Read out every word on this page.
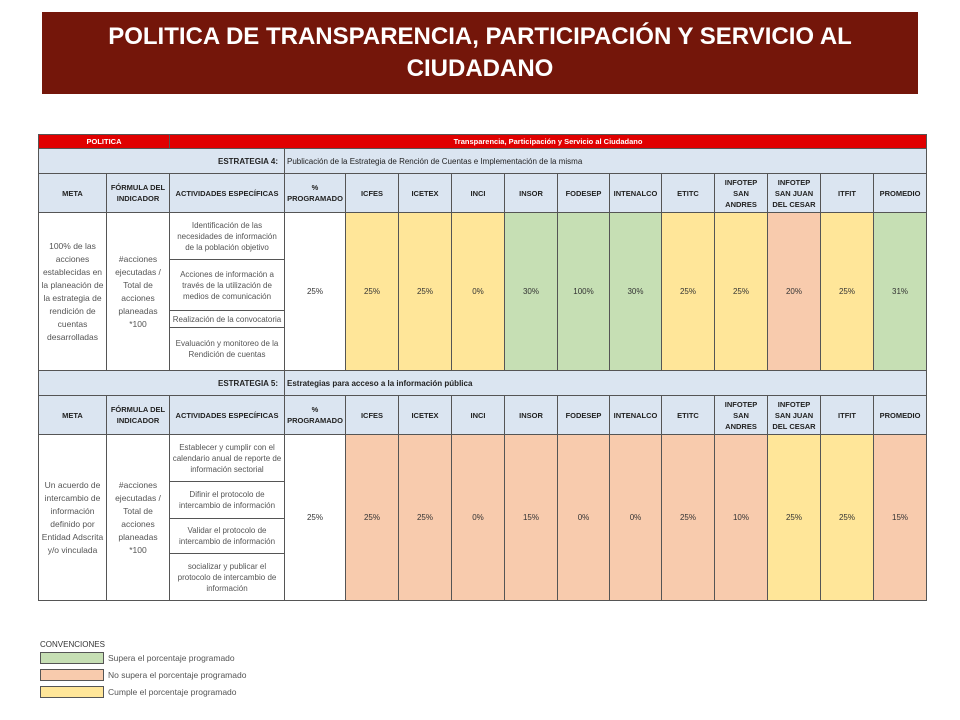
POLITICA DE TRANSPARENCIA, PARTICIPACIÓN Y SERVICIO AL CIUDADANO
POLITICA		Transparencia, Participación y Servicio al Ciudadano												
ESTRATEGIA 4:			Publicación de la Estrategia de Rención de Cuentas e Implementación de la misma											
META	FÓRMULA DEL INDICADOR	ACTIVIDADES ESPECÍFICAS	% PROGRAMADO	ICFES	ICETEX	INCI	INSOR	FODESEP	INTENALCO	ETITC	INFOTEP SAN ANDRES	INFOTEP SAN JUAN DEL CESAR	ITFIT	PROMEDIO
100% de las acciones establecidas en la planeación de la estrategia de rendición de cuentas desarrolladas	#acciones ejecutadas / Total de acciones planeadas *100	Identificación de las necesidades de información de la población objetivo	25%	25%	25%	0%	30%	100%	30%	25%	25%	20%	25%	31%
		Acciones de información a través de la utilización de medios de comunicación												
		Realización de la convocatoria												
		Evaluación y monitoreo de la Rendición de cuentas												
ESTRATEGIA 5:			Estrategias para acceso a la información pública											
META	FÓRMULA DEL INDICADOR	ACTIVIDADES ESPECÍFICAS	% PROGRAMADO	ICFES	ICETEX	INCI	INSOR	FODESEP	INTENALCO	ETITC	INFOTEP SAN ANDRES	INFOTEP SAN JUAN DEL CESAR	ITFIT	PROMEDIO
Un acuerdo de intercambio de información definido por Entidad Adscrita y/o vinculada	#acciones ejecutadas / Total de acciones planeadas *100	Establecer y cumplir con el calendario anual de reporte de información sectorial	25%	25%	25%	0%	15%	0%	0%	25%	10%	25%	25%	15%
		Difinir el protocolo de intercambio de información												
		Validar el protocolo de intercambio de información												
		socializar y publicar el protocolo de intercambio de información												
CONVENCIONES
Supera el porcentaje programado
No supera el porcentaje programado
Cumple el porcentaje programado
